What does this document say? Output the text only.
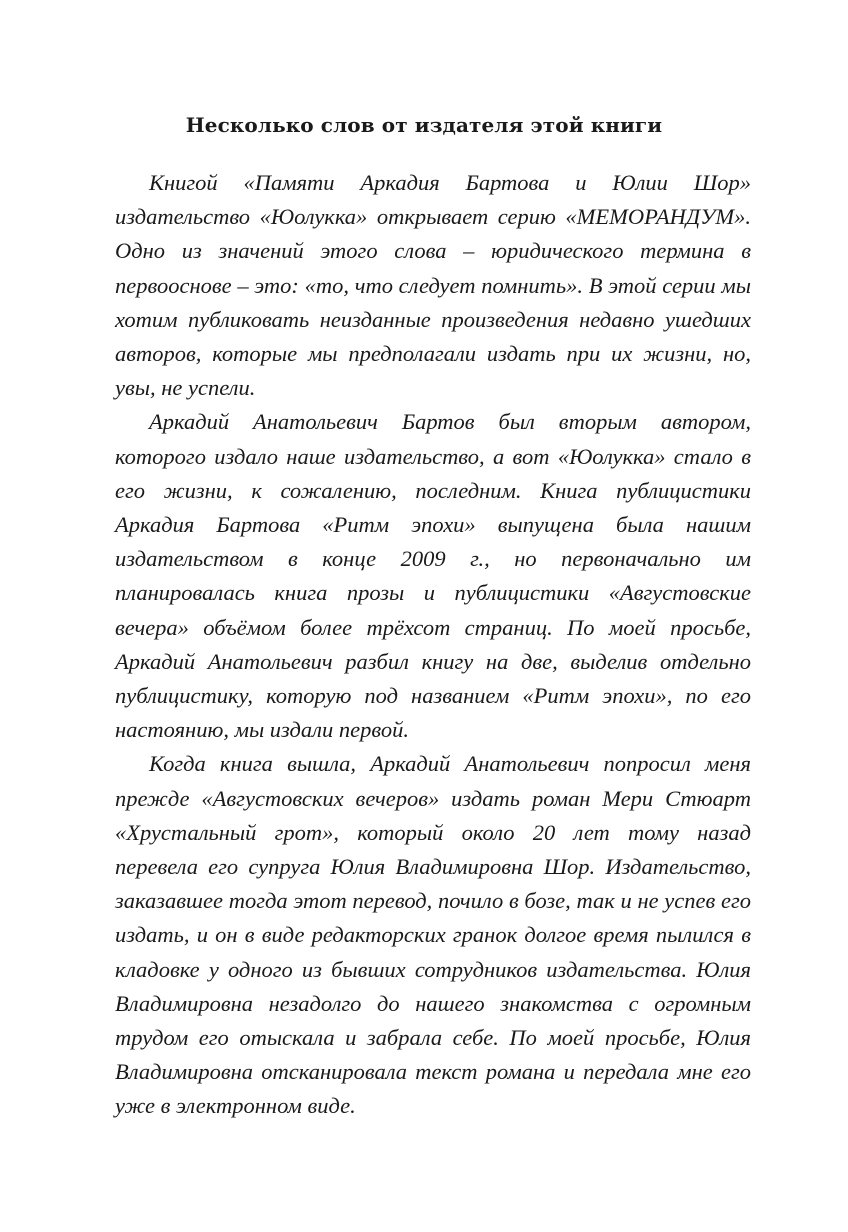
Несколько слов от издателя этой книги

Книгой «Памяти Аркадия Бартова и Юлии Шор» издательство «Юолукка» открывает серию «МЕМОРАНДУМ». Одно из значений этого слова – юридического термина в первооснове – это: «то, что следует помнить». В этой серии мы хотим публиковать неизданные произведения недавно ушедших авторов, которые мы предполагали издать при их жизни, но, увы, не успели.

Аркадий Анатольевич Бартов был вторым автором, которого издало наше издательство, а вот «Юолукка» стало в его жизни, к сожалению, последним. Книга публицистики Аркадия Бартова «Ритм эпохи» выпущена была нашим издательством в конце 2009 г., но первоначально им планировалась книга прозы и публицистики «Августовские вечера» объёмом более трёхсот страниц. По моей просьбе, Аркадий Анатольевич разбил книгу на две, выделив отдельно публицистику, которую под названием «Ритм эпохи», по его настоянию, мы издали первой.

Когда книга вышла, Аркадий Анатольевич попросил меня прежде «Августовских вечеров» издать роман Мери Стюарт «Хрустальный грот», который около 20 лет тому назад перевела его супруга Юлия Владимировна Шор. Издательство, заказавшее тогда этот перевод, почило в бозе, так и не успев его издать, и он в виде редакторских гранок долгое время пылился в кладовке у одного из бывших сотрудников издательства. Юлия Владимировна незадолго до нашего знакомства с огромным трудом его отыскала и забрала себе. По моей просьбе, Юлия Владимировна отсканировала текст романа и передала мне его уже в электронном виде.
